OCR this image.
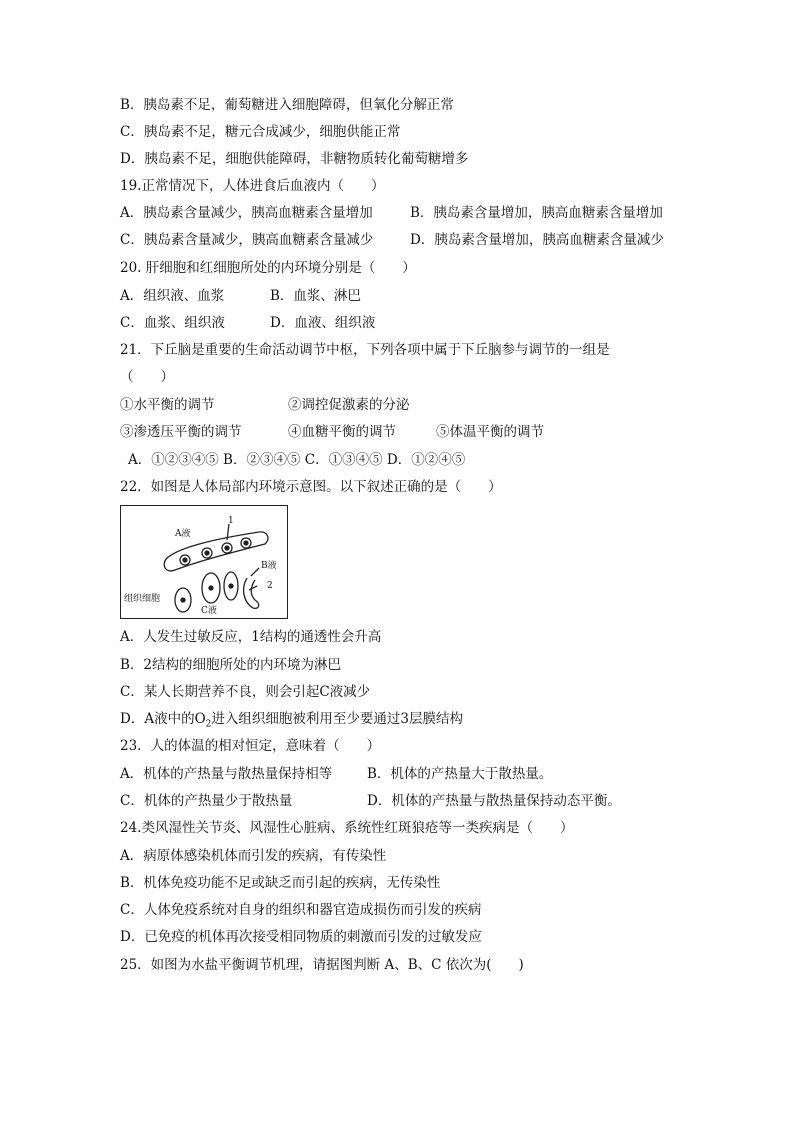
B．胰岛素不足，葡萄糖进入细胞障碍，但氧化分解正常
C．胰岛素不足，糖元合成减少，细胞供能正常
D．胰岛素不足，细胞供能障碍，非糖物质转化葡萄糖增多
19.正常情况下，人体进食后血液内（　　）
A．胰岛素含量减少，胰高血糖素含量增加	B．胰岛素含量增加，胰高血糖素含量增加
C．胰岛素含量减少，胰高血糖素含量减少	D．胰岛素含量增加，胰高血糖素含量减少
20. 肝细胞和红细胞所处的内环境分别是（　　）
A．组织液、血浆	B．血浆、淋巴
C．血浆、组织液	D．血液、组织液
21．下丘脑是重要的生命活动调节中枢，下列各项中属于下丘脑参与调节的一组是
（　　）
①水平衡的调节	②调控促激素的分泌
③渗透压平衡的调节	④血糖平衡的调节	⑤体温平衡的调节
A．①②③④⑤ B．②③④⑤ C．①③④⑤ D．①②④⑤
22．如图是人体局部内环境示意图。以下叙述正确的是（　　）
A液
1
B液
2
组织细胞
C液
A．人发生过敏反应，1结构的通透性会升高
B．2结构的细胞所处的内环境为淋巴
C．某人长期营养不良，则会引起C液减少
D．A液中的$O_2$进入组织细胞被利用至少要通过3层膜结构
23．人的体温的相对恒定，意味着（　　）
A．机体的产热量与散热量保持相等	B．机体的产热量大于散热量。
C．机体的产热量少于散热量	D．机体的产热量与散热量保持动态平衡。
24.类风湿性关节炎、风湿性心脏病、系统性红斑狼疮等一类疾病是（　　）
A．病原体感染机体而引发的疾病，有传染性
B．机体免疫功能不足或缺乏而引起的疾病，无传染性
C．人体免疫系统对自身的组织和器官造成损伤而引发的疾病
D．已免疫的机体再次接受相同物质的刺激而引发的过敏发应
25．如图为水盐平衡调节机理，请据图判断 A、B、C 依次为(　　)
